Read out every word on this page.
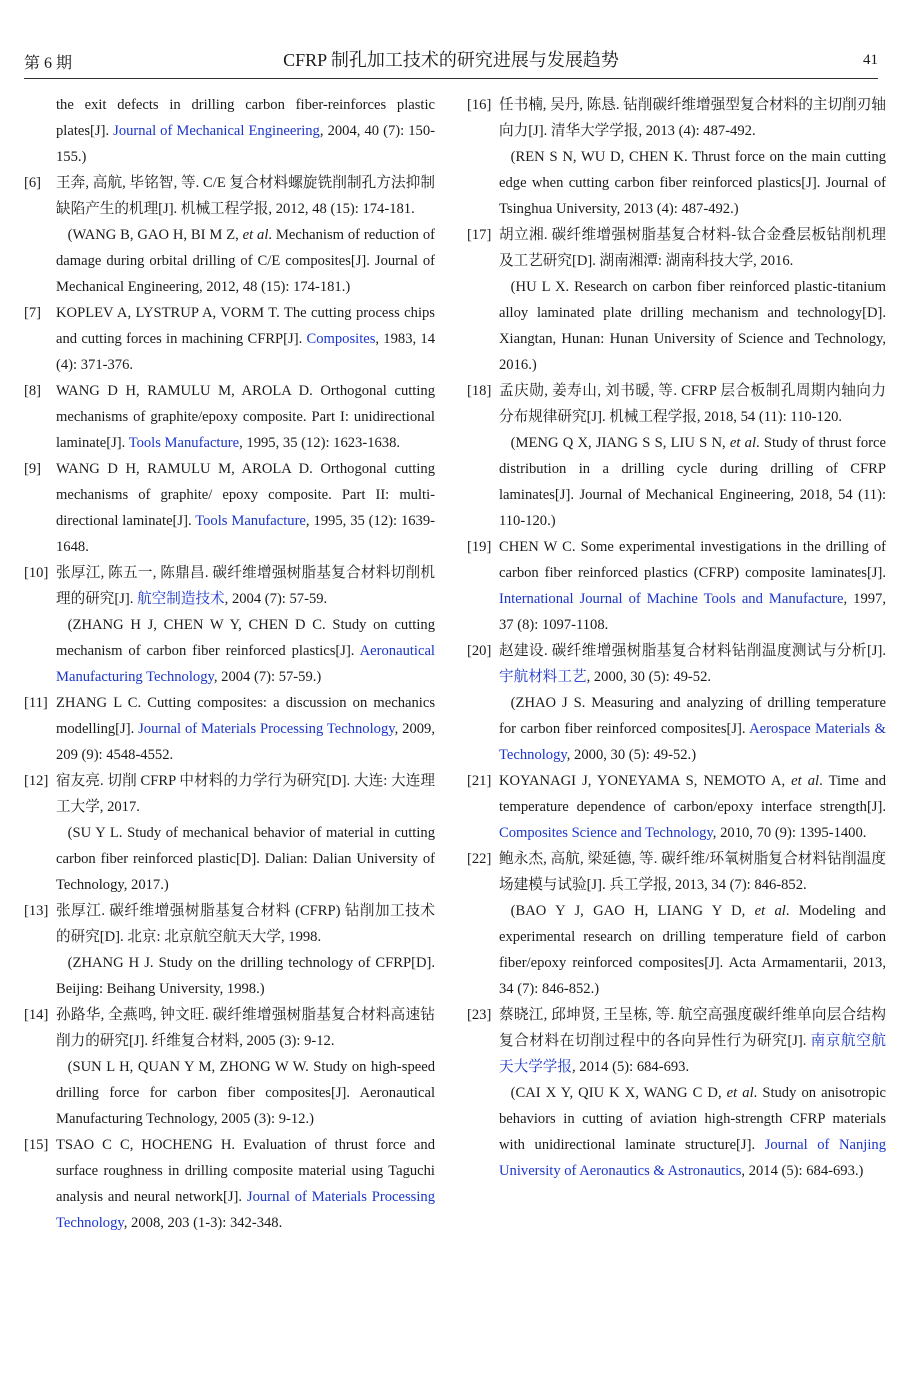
第 6 期	CFRP 制孔加工技术的研究进展与发展趋势	41
the exit defects in drilling carbon fiber-reinforces plastic plates[J]. Journal of Mechanical Engineering, 2004, 40 (7): 150-155.)
[6]	王奔, 高航, 毕铭智, 等. C/E 复合材料螺旋铣削制孔方法抑制缺陷产生的机理[J]. 机械工程学报, 2012, 48 (15): 174-181.
(WANG B, GAO H, BI M Z, et al. Mechanism of reduction of damage during orbital drilling of C/E composites[J]. Journal of Mechanical Engineering, 2012, 48 (15): 174-181.)
[7]	KOPLEV A, LYSTRUP A, VORM T. The cutting process chips and cutting forces in machining CFRP[J]. Composites, 1983, 14 (4): 371-376.
[8]	WANG D H, RAMULU M, AROLA D. Orthogonal cutting mechanisms of graphite/epoxy composite. Part I: unidirectional laminate[J]. Tools Manufacture, 1995, 35 (12): 1623-1638.
[9]	WANG D H, RAMULU M, AROLA D. Orthogonal cutting mechanisms of graphite/ epoxy composite. Part II: multi-directional laminate[J]. Tools Manufacture, 1995, 35 (12): 1639-1648.
[10] 张厚江, 陈五一, 陈鼎昌. 碳纤维增强树脂基复合材料切削机理的研究[J]. 航空制造技术, 2004 (7): 57-59.
(ZHANG H J, CHEN W Y, CHEN D C. Study on cutting mechanism of carbon fiber reinforced plastics[J]. Aeronautical Manufacturing Technology, 2004 (7): 57-59.)
[11] ZHANG L C. Cutting composites: a discussion on mechanics modelling[J]. Journal of Materials Processing Technology, 2009, 209 (9): 4548-4552.
[12] 宿友亮. 切削 CFRP 中材料的力学行为研究[D]. 大连: 大连理工大学, 2017.
(SU Y L. Study of mechanical behavior of material in cutting carbon fiber reinforced plastic[D]. Dalian: Dalian University of Technology, 2017.)
[13] 张厚江. 碳纤维增强树脂基复合材料 (CFRP) 钻削加工技术的研究[D]. 北京: 北京航空航天大学, 1998.
(ZHANG H J. Study on the drilling technology of CFRP[D]. Beijing: Beihang University, 1998.)
[14] 孙路华, 全燕鸣, 钟文旺. 碳纤维增强树脂基复合材料高速钻削力的研究[J]. 纤维复合材料, 2005 (3): 9-12.
(SUN L H, QUAN Y M, ZHONG W W. Study on high-speed drilling force for carbon fiber composites[J]. Aeronautical Manufacturing Technology, 2005 (3): 9-12.)
[15] TSAO C C, HOCHENG H. Evaluation of thrust force and surface roughness in drilling composite material using Taguchi analysis and neural network[J]. Journal of Materials Processing Technology, 2008, 203 (1-3): 342-348.
[16] 任书楠, 吴丹, 陈恳. 钻削碳纤维增强型复合材料的主切削刃轴向力[J]. 清华大学学报, 2013 (4): 487-492.
(REN S N, WU D, CHEN K. Thrust force on the main cutting edge when cutting carbon fiber reinforced plastics[J]. Journal of Tsinghua University, 2013 (4): 487-492.)
[17] 胡立湘. 碳纤维增强树脂基复合材料-钛合金叠层板钻削机理及工艺研究[D]. 湖南湘潭: 湖南科技大学, 2016.
(HU L X. Research on carbon fiber reinforced plastic-titanium alloy laminated plate drilling mechanism and technology[D]. Xiangtan, Hunan: Hunan University of Science and Technology, 2016.)
[18] 孟庆勋, 姜寿山, 刘书暖, 等. CFRP 层合板制孔周期内轴向力分布规律研究[J]. 机械工程学报, 2018, 54 (11): 110-120.
(MENG Q X, JIANG S S, LIU S N, et al. Study of thrust force distribution in a drilling cycle during drilling of CFRP laminates[J]. Journal of Mechanical Engineering, 2018, 54 (11): 110-120.)
[19] CHEN W C. Some experimental investigations in the drilling of carbon fiber reinforced plastics (CFRP) composite laminates[J]. International Journal of Machine Tools and Manufacture, 1997, 37 (8): 1097-1108.
[20] 赵建设. 碳纤维增强树脂基复合材料钻削温度测试与分析[J]. 宇航材料工艺, 2000, 30 (5): 49-52.
(ZHAO J S. Measuring and analyzing of drilling temperature for carbon fiber reinforced composites[J]. Aerospace Materials & Technology, 2000, 30 (5): 49-52.)
[21] KOYANAGI J, YONEYAMA S, NEMOTO A, et al. Time and temperature dependence of carbon/epoxy interface strength[J]. Composites Science and Technology, 2010, 70 (9): 1395-1400.
[22] 鲍永杰, 高航, 梁延德, 等. 碳纤维/环氧树脂复合材料钻削温度场建模与试验[J]. 兵工学报, 2013, 34 (7): 846-852.
(BAO Y J, GAO H, LIANG Y D, et al. Modeling and experimental research on drilling temperature field of carbon fiber/epoxy reinforced composites[J]. Acta Armamentarii, 2013, 34 (7): 846-852.)
[23] 蔡晓江, 邱坤贤, 王呈栋, 等. 航空高强度碳纤维单向层合结构复合材料在切削过程中的各向异性行为研究[J]. 南京航空航天大学学报, 2014 (5): 684-693.
(CAI X Y, QIU K X, WANG C D, et al. Study on anisotropic behaviors in cutting of aviation high-strength CFRP materials with unidirectional laminate structure[J]. Journal of Nanjing University of Aeronautics & Astronautics, 2014 (5): 684-693.)
